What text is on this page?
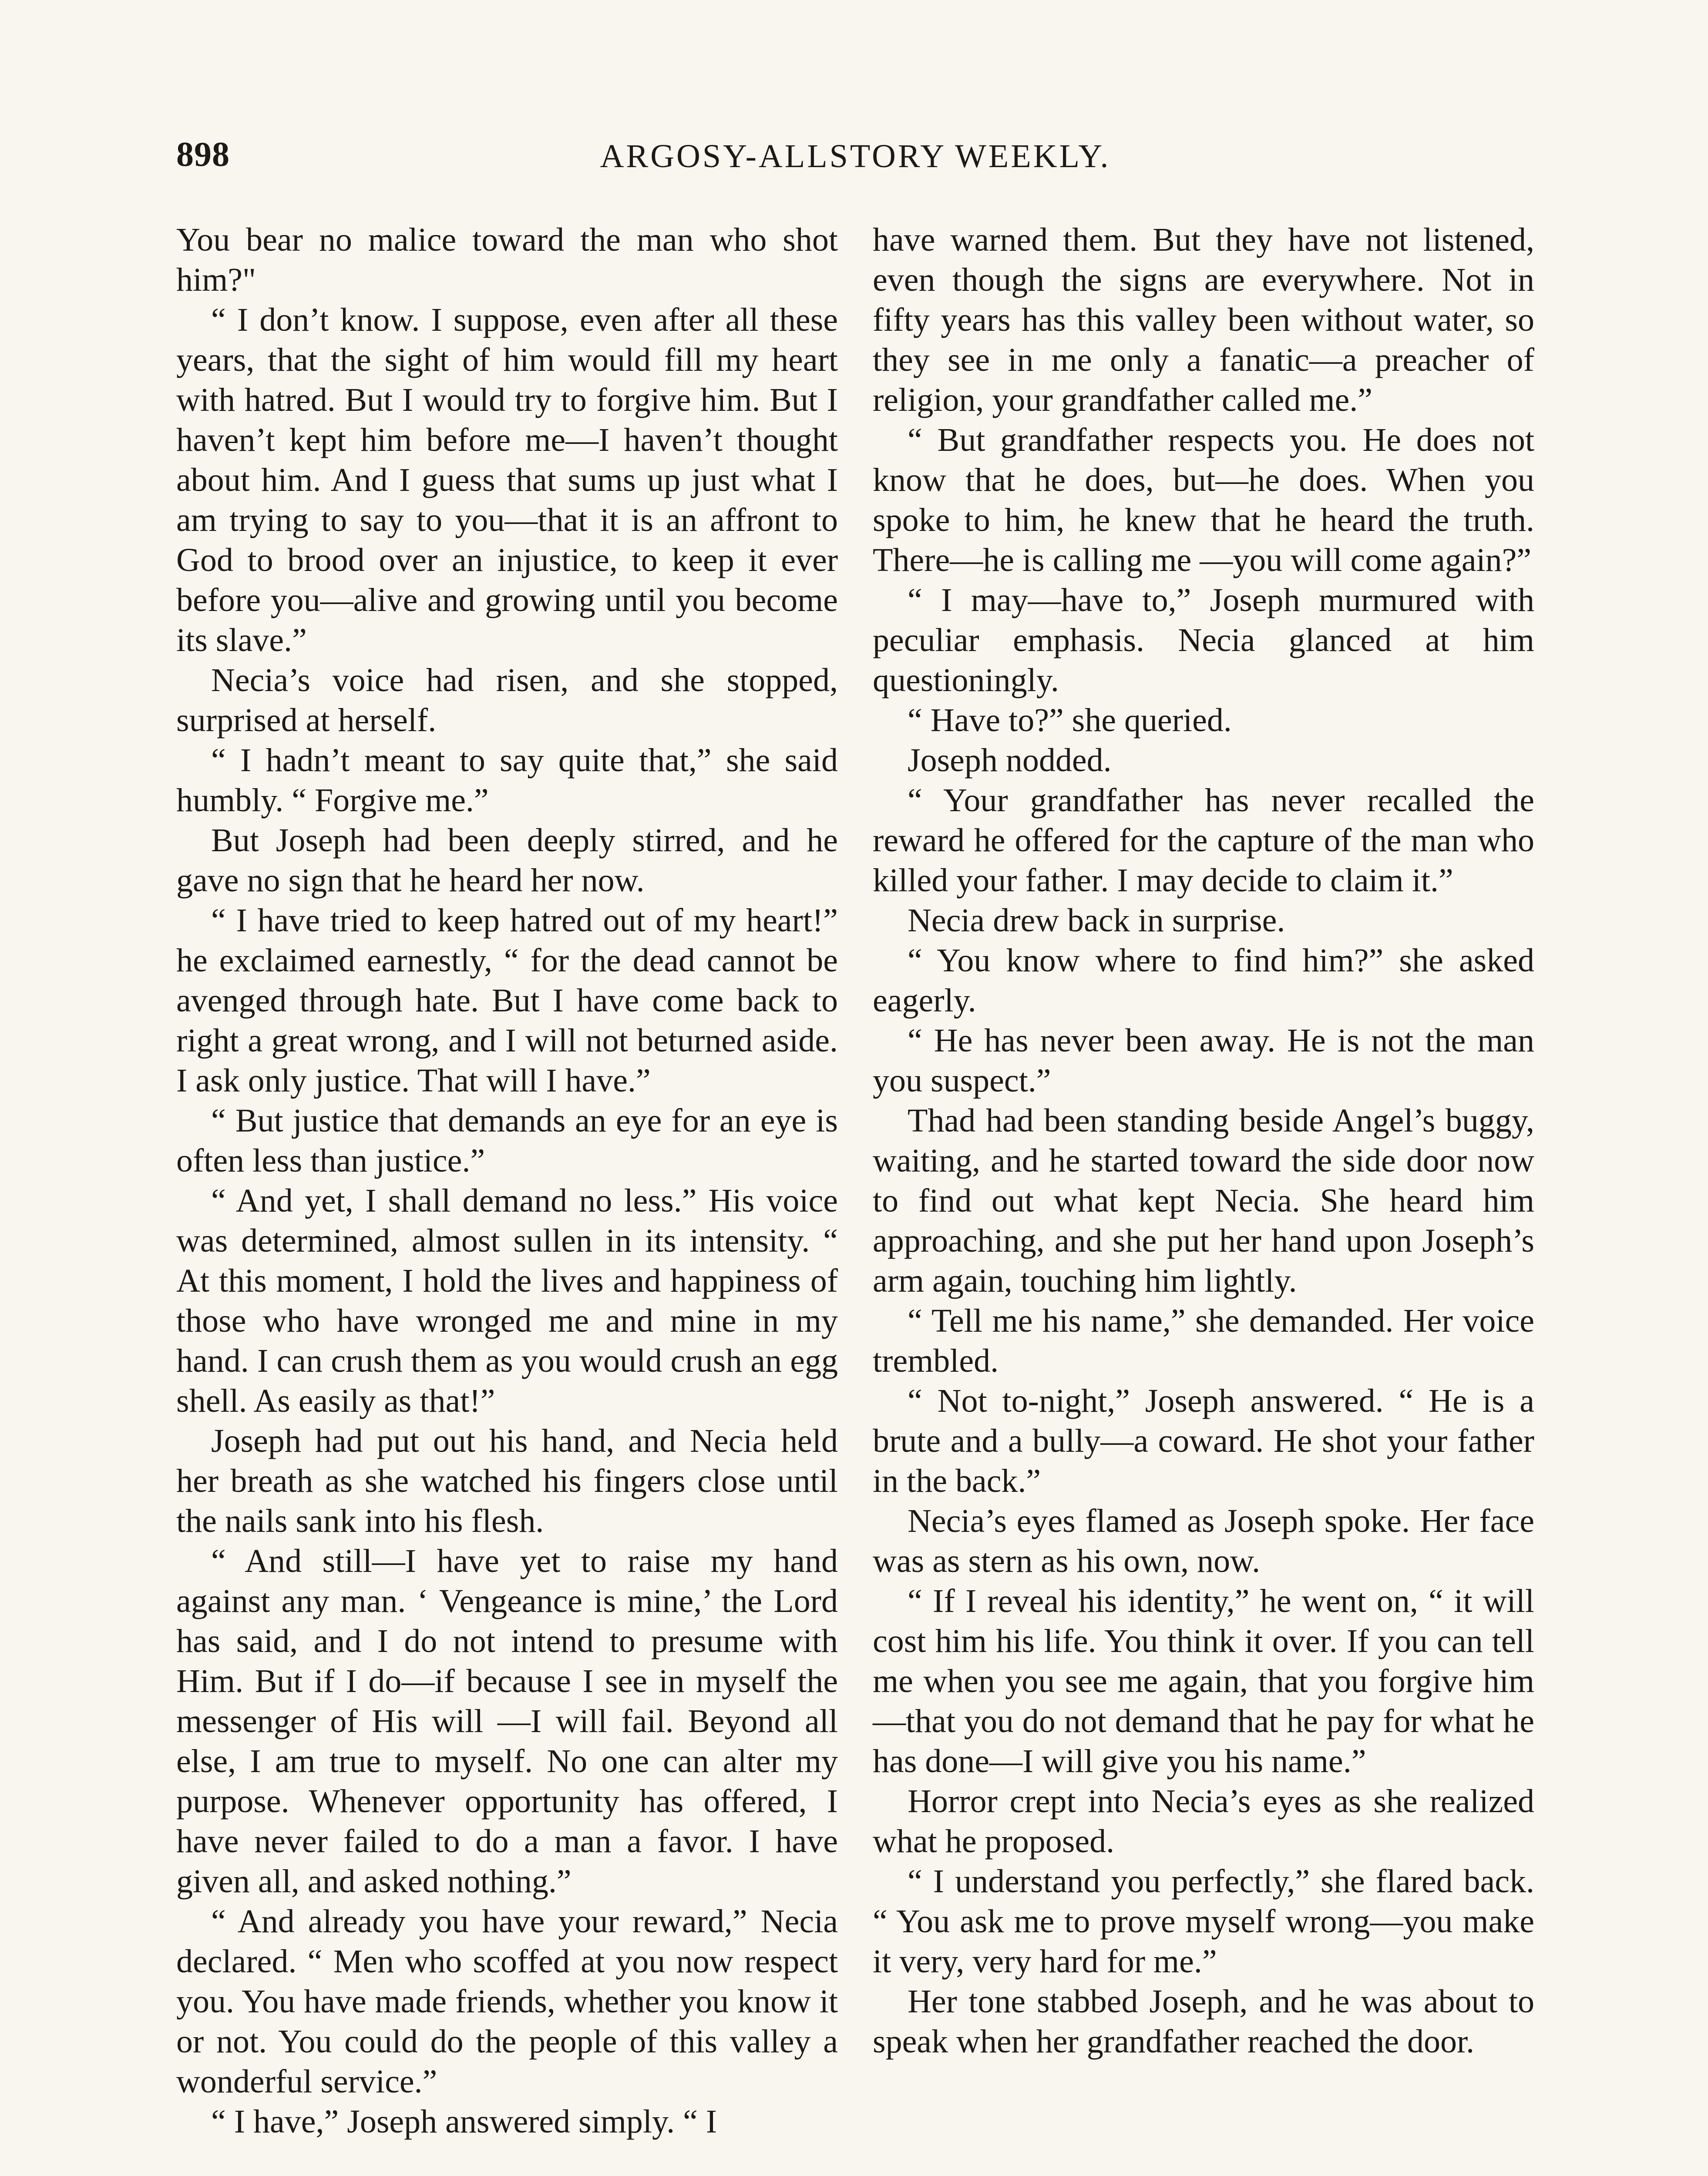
898	ARGOSY-ALLSTORY WEEKLY.

You bear no malice toward the man who shot him?"

“ I don’t know. I suppose, even after all these years, that the sight of him would fill my heart with hatred. But I would try to forgive him. But I haven’t kept him before me—I haven’t thought about him. And I guess that sums up just what I am trying to say to you—that it is an affront to God to brood over an injustice, to keep it ever before you—alive and growing until you become its slave.”

Necia’s voice had risen, and she stopped, surprised at herself.

“ I hadn’t meant to say quite that,” she said humbly. “ Forgive me.”

But Joseph had been deeply stirred, and he gave no sign that he heard her now.

“ I have tried to keep hatred out of my heart!” he exclaimed earnestly, “ for the dead cannot be avenged through hate. But I have come back to right a great wrong, and I will not beturned aside. I ask only justice. That will I have.”

“ But justice that demands an eye for an eye is often less than justice.”

“ And yet, I shall demand no less.” His voice was determined, almost sullen in its intensity. “ At this moment, I hold the lives and happiness of those who have wronged me and mine in my hand. I can crush them as you would crush an egg shell. As easily as that!”

Joseph had put out his hand, and Necia held her breath as she watched his fingers close until the nails sank into his flesh.

“ And still—I have yet to raise my hand against any man. ‘ Vengeance is mine,’ the Lord has said, and I do not intend to presume with Him. But if I do—if because I see in myself the messenger of His will —I will fail. Beyond all else, I am true to myself. No one can alter my purpose. Whenever opportunity has offered, I have never failed to do a man a favor. I have given all, and asked nothing.”

“ And already you have your reward,” Necia declared. “ Men who scoffed at you now respect you. You have made friends, whether you know it or not. You could do the people of this valley a wonderful service.”

“ I have,” Joseph answered simply. “ I

have warned them. But they have not listened, even though the signs are everywhere. Not in fifty years has this valley been without water, so they see in me only a fanatic—a preacher of religion, your grandfather called me.”

“ But grandfather respects you. He does not know that he does, but—he does. When you spoke to him, he knew that he heard the truth. There—he is calling me —you will come again?”

“ I may—have to,” Joseph murmured with peculiar emphasis. Necia glanced at him questioningly.

“ Have to?” she queried.

Joseph nodded.

“ Your grandfather has never recalled the reward he offered for the capture of the man who killed your father. I may decide to claim it.”

Necia drew back in surprise.

“ You know where to find him?” she asked eagerly.

“ He has never been away. He is not the man you suspect.”

Thad had been standing beside Angel’s buggy, waiting, and he started toward the side door now to find out what kept Necia. She heard him approaching, and she put her hand upon Joseph’s arm again, touching him lightly.

“ Tell me his name,” she demanded. Her voice trembled.

“ Not to-night,” Joseph answered. “ He is a brute and a bully—a coward. He shot your father in the back.”

Necia’s eyes flamed as Joseph spoke. Her face was as stern as his own, now.

“ If I reveal his identity,” he went on, “ it will cost him his life. You think it over. If you can tell me when you see me again, that you forgive him—that you do not demand that he pay for what he has done—I will give you his name.”

Horror crept into Necia’s eyes as she realized what he proposed.

“ I understand you perfectly,” she flared back. “ You ask me to prove myself wrong—you make it very, very hard for me.”

Her tone stabbed Joseph, and he was about to speak when her grandfather reached the door.
